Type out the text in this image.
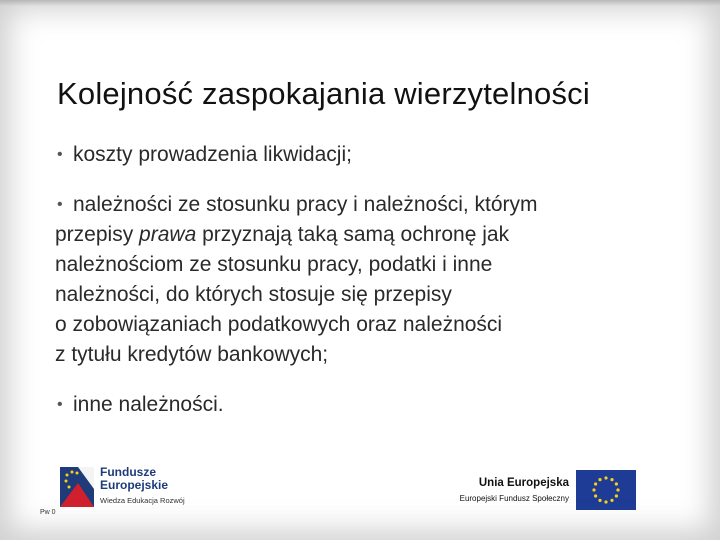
Kolejność zaspokajania wierzytelności

• koszty prowadzenia likwidacji;

• należności ze stosunku pracy i należności, którym
przepisy prawa przyznają taką samą ochronę jak
należnościom ze stosunku pracy, podatki i inne
należności, do których stosuje się przepisy
o zobowiązaniach podatkowych oraz należności
z tytułu kredytów bankowych;

• inne należności.

Fundusze
Europejskie
Wiedza Edukacja Rozwój
Unia Europejska
Europejski Fundusz Społeczny
Pw 0
